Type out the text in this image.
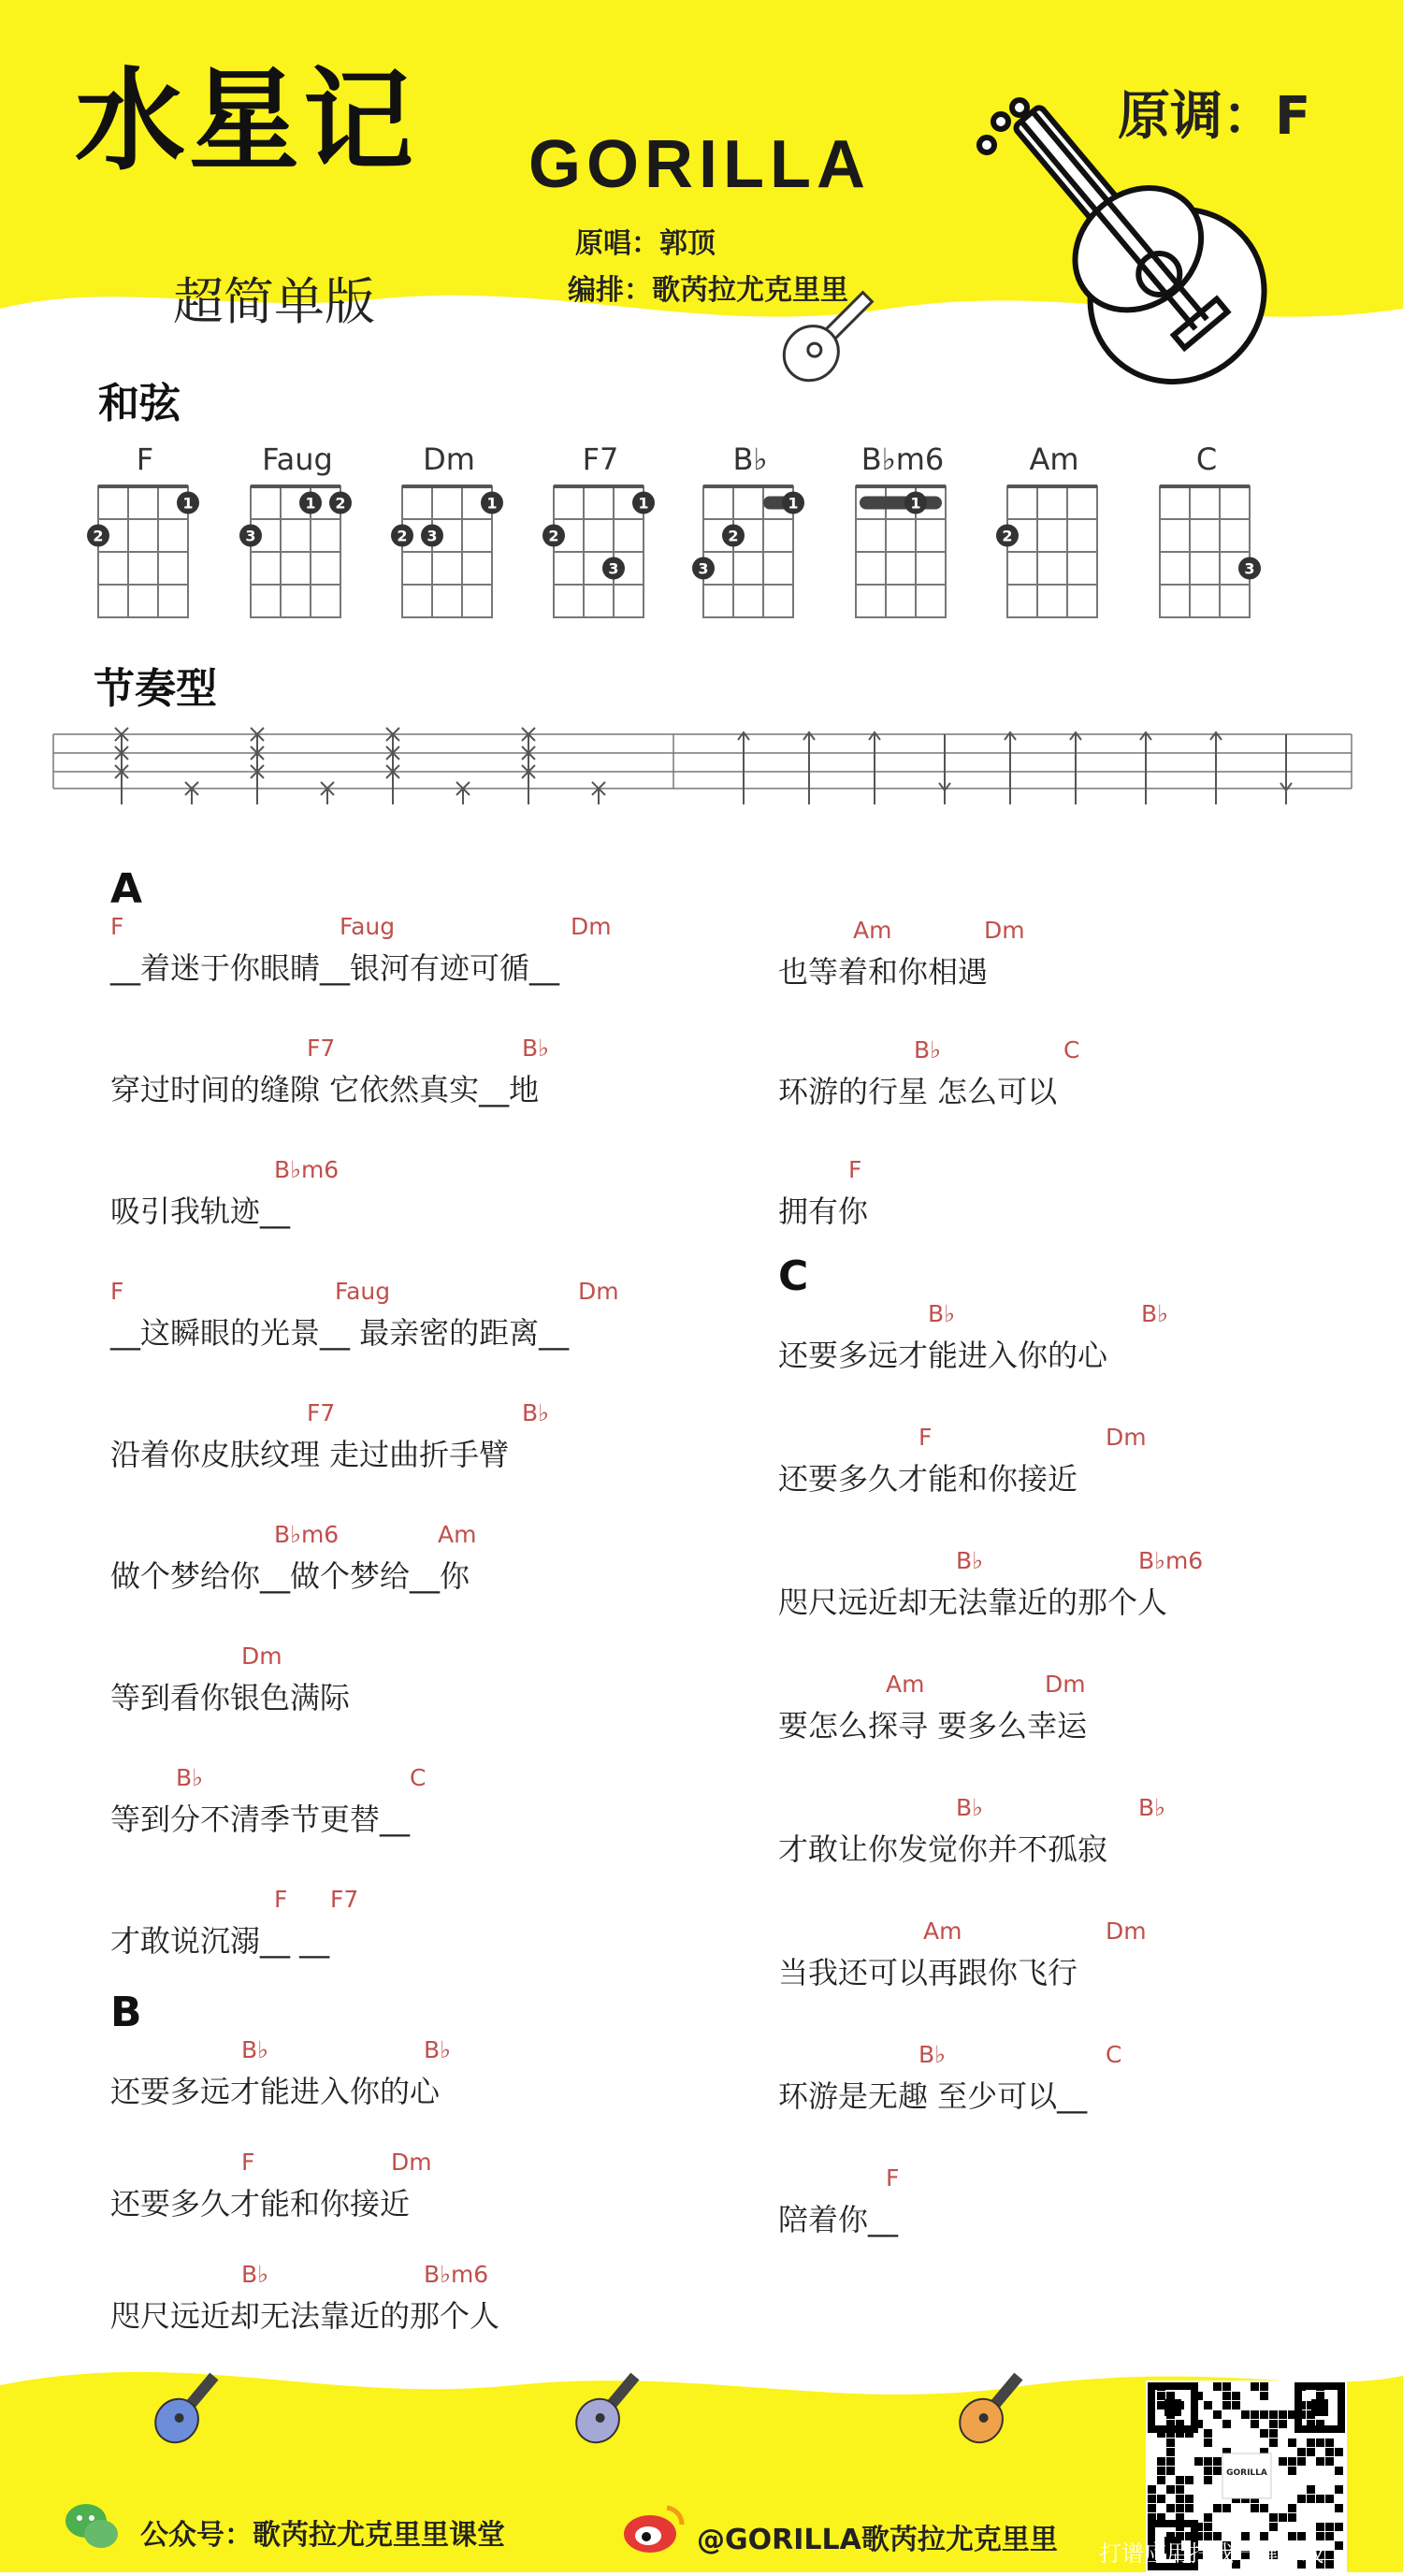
水星记
超简单版
GORILLA
原唱：郭顶
编排：歌芮拉尤克里里
原调：F
和弦
F
1
2
Faug
1 2
3
Dm
1
2 3
F7
1
2
3
B♭
1
2
3
B♭m6
1
Am
2
C
3
节奏型
A
F	Faug	Dm
__着迷于你眼睛__银河有迹可循__
F7	B♭
穿过时间的缝隙 它依然真实__地
B♭m6
吸引我轨迹__
F	Faug	Dm
__这瞬眼的光景__ 最亲密的距离__
F7	B♭
沿着你皮肤纹理 走过曲折手臂
B♭m6	Am
做个梦给你__做个梦给__你
Dm
等到看你银色满际
B♭	C
等到分不清季节更替__
F F7
才敢说沉溺__ __
B
B♭	B♭
还要多远才能进入你的心
F	Dm
还要多久才能和你接近
B♭	B♭m6
咫尺远近却无法靠近的那个人
Am	Dm
也等着和你相遇
B♭	C
环游的行星 怎么可以
F
拥有你
C
B♭	B♭
还要多远才能进入你的心
F	Dm
还要多久才能和你接近
B♭	B♭m6
咫尺远近却无法靠近的那个人
Am	Dm
要怎么探寻 要多么幸运
B♭	B♭
才敢让你发觉你并不孤寂
Am	Dm
当我还可以再跟你飞行
B♭	C
环游是无趣 至少可以__
F
陪着你__
公众号：歌芮拉尤克里里课堂	@GORILLA歌芮拉尤克里里
GORILLA
打谱应用扫我一键下载
